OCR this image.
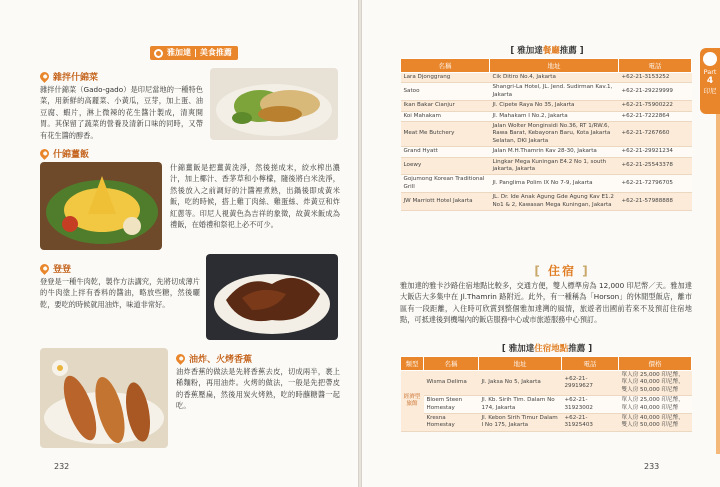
雅加達 | 美食推薦
雜拌什錦菜
雜拌什錦菜（Gado-gado）是印尼當地的一種特色菜，用新鮮的高麗菜、小黃瓜，豆芽，加上蛋、油豆腐、蝦片，淋上微辣的花生醬汁製成，清爽開胃。其保留了蔬菜的營養及清新口味的同時，又帶有花生醬的醇香。
什錦薑飯
什錦薑飯是把薑黃洗淨，然後搓成末，絞水榨出濃汁，加上椰汁、香茅草和小檸檬，隨後將白米洗淨，然後放入之前調好的汁醬裡煮熟，出鍋後即成黃米飯，吃的時候，搭上雞丁肉絲、雞蛋絲、炸黃豆和炸紅蔥等。印尼人視黃色為吉祥的象徵，故黃米飯成為禮飯，在婚禮和祭祀上必不可少。
登登
登登是一種牛肉乾，製作方法講究，先將切成薄片的牛肉塗上拌有香料的醬油，略放些糖，然後曬乾，要吃的時候就用油炸，味道非常好。
油炸、火烤香蕉
油炸香蕉的做法是先將香蕉去皮，切成兩半，裹上稀麵粉，再用油炸。火烤的做法，一般是先把帶皮的香蕉壓扁，然後用炭火烤熟，吃的時蘸糖醬一起吃。
232
[ 雅加達餐廳推薦 ]
名稱	地址	電話
Lara Djonggrang	Cik Ditiro No.4, Jakarta	+62-21-3153252
Satoo	Shangri-La Hotel, JL. Jend. Sudirman Kav.1, Jakarta	+62-21-29229999
Ikan Bakar Cianjur	Jl. Cipete Raya No 35, Jakarta	+62-21-75900222
Koi Mahakam	Jl. Mahakam I No.2, Jakarta	+62-21-7222864
Meat Me Butchery	Jalan Wolter Monginsidi No.36, RT 1/RW.6, Rawa Barat, Kebayoran Baru, Kota Jakarta Selatan, DKI Jakarta	+62-21-7267660
Grand Hyatt	Jalan M.H.Thamrin Kav 28-30, Jakarta	+62-21-29921234
Loewy	Lingkar Mega Kuningan E4.2 No 1, south jakarta, Jakarta	+62-21-25543378
Gojumong Korean Traditional Grill	Jl. Panglima Polim IX No 7-9, Jakarta	+62-21-72796705
JW Marriott Hotel Jakarta	JL. Dr. Ide Anak Agung Gde Agung Kav E1.2 No1 & 2, Kawasan Mega Kuningan, Jakarta	+62-21-57988888
[ 住宿 ]
雅加達的雅卡沙路住宿地點比較多，交通方便，雙人標準房為 12,000 印尼幣／天。雅加達大飯店大多集中在 Jl.Thamrin 路附近。此外，有一種稱為「Horson」的休閒型飯店，離市區有一段距離，入住時可欣賞到整個雅加達灣的風情，旅遊者出國前若來不及預訂住宿地點，可抵達後到機場內的飯店服務中心或市旅遊服務中心預訂。
[ 雅加達住宿地點推薦 ]
類型	名稱	地址	電話	價格
經濟型旅館	Wisma Delima	Jl. Jaksa No 5, Jakarta	+62-21-29919627	單人房 25,000 印尼幣，單人房 40,000 印尼幣，雙人房 50,000 印尼幣
	Bloem Steen Homestay	Jl. Kb. Sirih Tim. Dalam No 174, Jakarta	+62-21-31923002	單人房 25,000 印尼幣，單人房 40,000 印尼幣
	Kresna Homestay	Jl. Kebon Sirih Timur Dalam I No 175, Jakarta	+62-21-31925403	單人房 40,000 印尼幣，雙人房 50,000 印尼幣
Part
4
印尼
233
